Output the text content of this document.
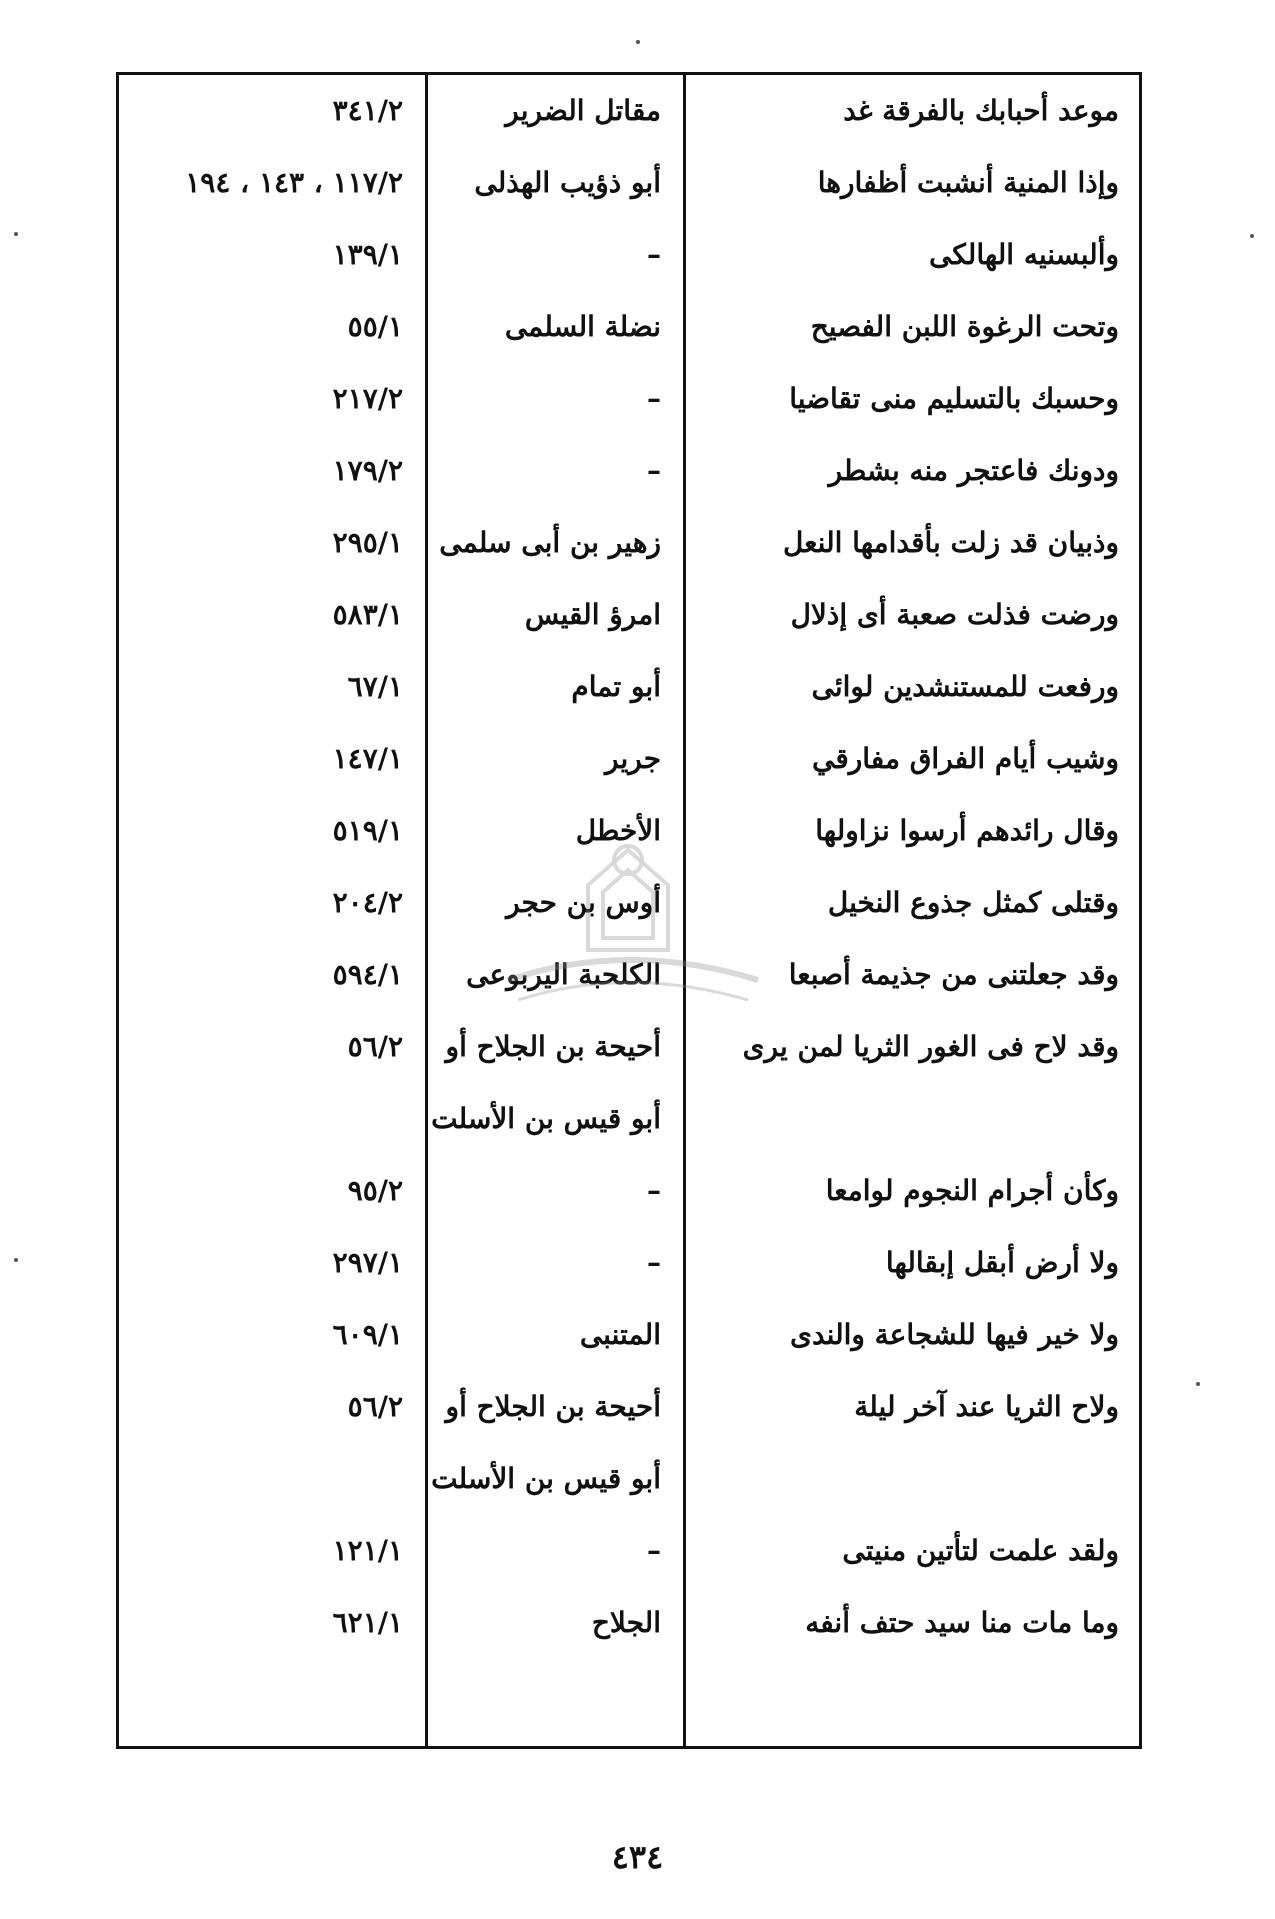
موعد أحبابك بالفرقة غد
مقاتل الضرير
٣٤١/٢
وإذا المنية أنشبت أظفارها
أبو ذؤيب الهذلى
١١٧/٢ ، ١٤٣ ، ١٩٤
وألبسنيه الهالكى
–
١٣٩/١
وتحت الرغوة اللبن الفصيح
نضلة السلمى
٥٥/١
وحسبك بالتسليم منى تقاضيا
–
٢١٧/٢
ودونك فاعتجر منه بشطر
–
١٧٩/٢
وذبيان قد زلت بأقدامها النعل
زهير بن أبى سلمى
٢٩٥/١
ورضت فذلت صعبة أى إذلال
امرؤ القيس
٥٨٣/١
ورفعت للمستنشدين لوائى
أبو تمام
٦٧/١
وشيب أيام الفراق مفارقي
جرير
١٤٧/١
وقال رائدهم أرسوا نزاولها
الأخطل
٥١٩/١
وقتلى كمثل جذوع النخيل
أوس بن حجر
٢٠٤/٢
وقد جعلتنى من جذيمة أصبعا
الكلحبة اليربوعى
٥٩٤/١
وقد لاح فى الغور الثريا لمن يرى
أحيحة بن الجلاح أو
أبو قيس بن الأسلت
٥٦/٢
وكأن أجرام النجوم لوامعا
–
٩٥/٢
ولا أرض أبقل إبقالها
–
٢٩٧/١
ولا خير فيها للشجاعة والندى
المتنبى
٦٠٩/١
ولاح الثريا عند آخر ليلة
أحيحة بن الجلاح أو
أبو قيس بن الأسلت
٥٦/٢
ولقد علمت لتأتين منيتى
–
١٢١/١
وما مات منا سيد حتف أنفه
الجلاح
٦٢١/١
٤٣٤
